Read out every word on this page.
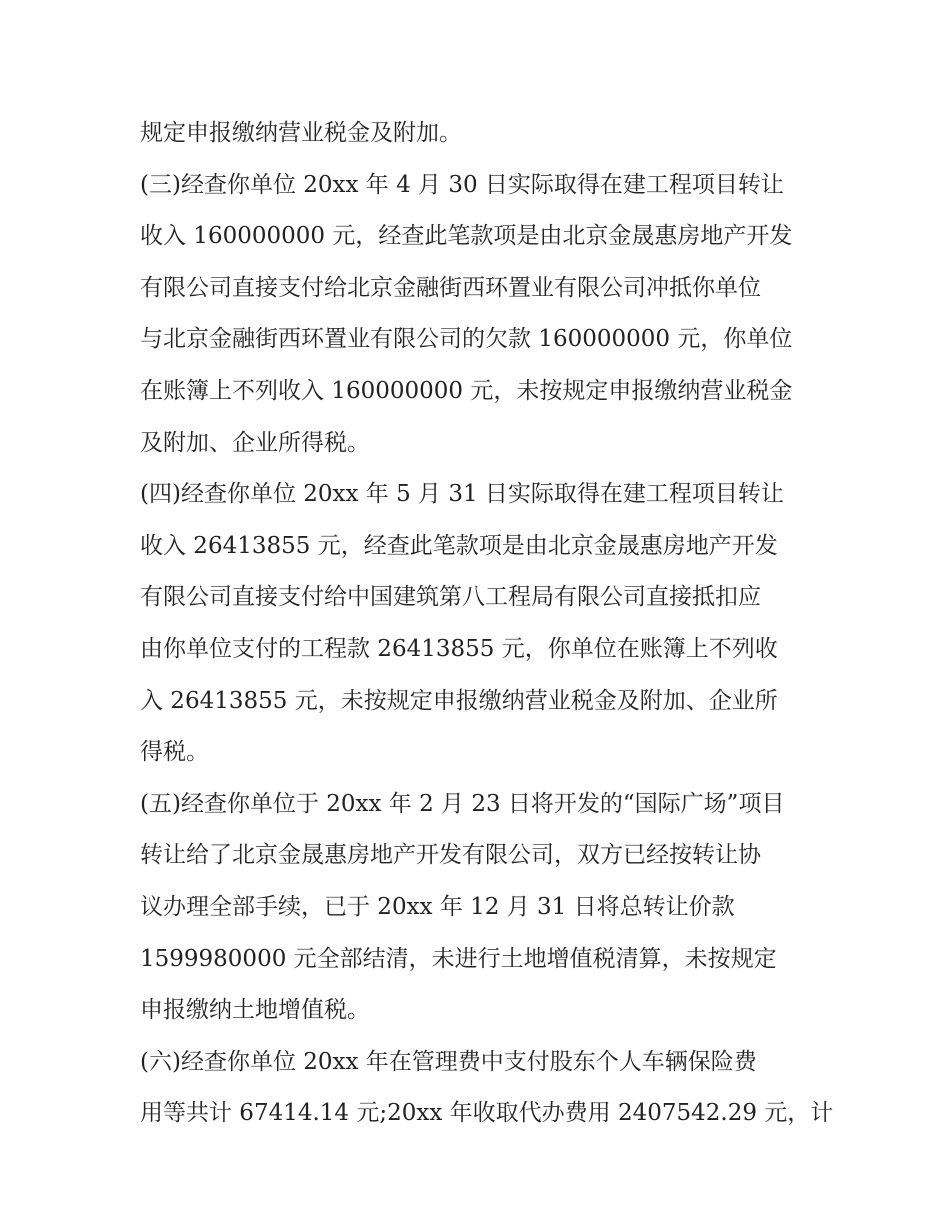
规定申报缴纳营业税金及附加。
(三)经查你单位 20xx 年 4 月 30 日实际取得在建工程项目转让
收入 160000000 元，经查此笔款项是由北京金晟惠房地产开发
有限公司直接支付给北京金融街西环置业有限公司冲抵你单位
与北京金融街西环置业有限公司的欠款 160000000 元，你单位
在账簿上不列收入 160000000 元，未按规定申报缴纳营业税金
及附加、企业所得税。
(四)经查你单位 20xx 年 5 月 31 日实际取得在建工程项目转让
收入 26413855 元，经查此笔款项是由北京金晟惠房地产开发
有限公司直接支付给中国建筑第八工程局有限公司直接抵扣应
由你单位支付的工程款 26413855 元，你单位在账簿上不列收
入 26413855 元，未按规定申报缴纳营业税金及附加、企业所
得税。
(五)经查你单位于 20xx 年 2 月 23 日将开发的“国际广场”项目
转让给了北京金晟惠房地产开发有限公司，双方已经按转让协
议办理全部手续，已于 20xx 年 12 月 31 日将总转让价款
1599980000 元全部结清，未进行土地增值税清算，未按规定
申报缴纳土地增值税。
(六)经查你单位 20xx 年在管理费中支付股东个人车辆保险费
用等共计 67414.14 元;20xx 年收取代办费用 2407542.29 元，计
